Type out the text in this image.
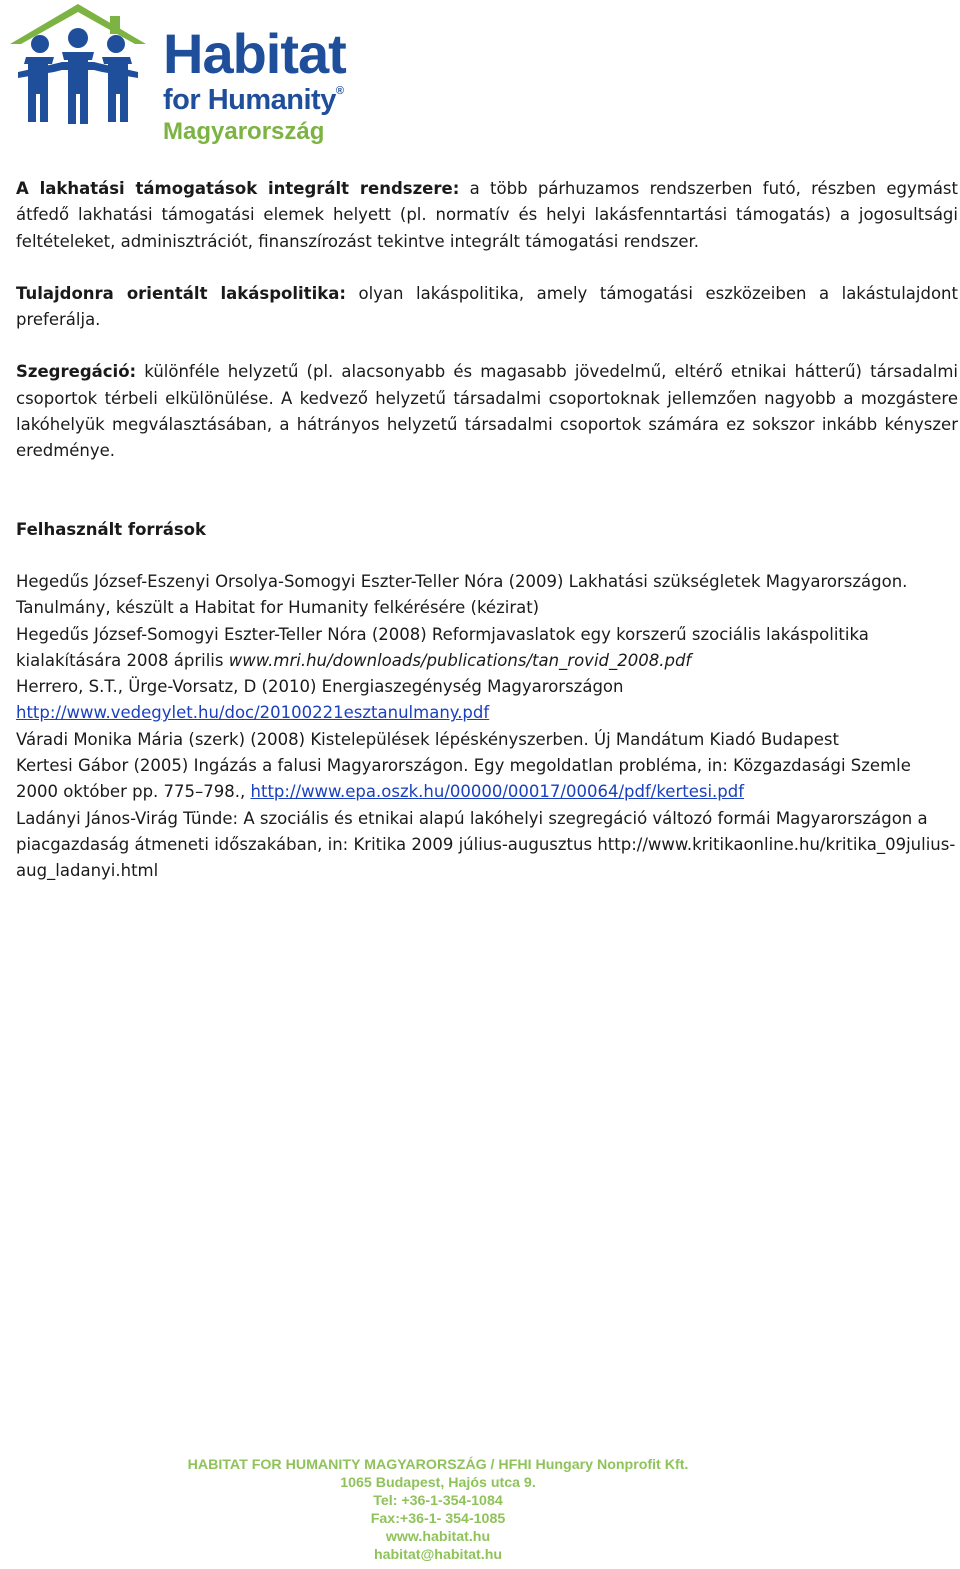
Habitat
for Humanity®
Magyarország

A lakhatási támogatások integrált rendszere: a több párhuzamos rendszerben futó, részben egymást átfedő lakhatási támogatási elemek helyett (pl. normatív és helyi lakásfenntartási támogatás) a jogosultsági feltételeket, adminisztrációt, finanszírozást tekintve integrált támogatási rendszer.

Tulajdonra orientált lakáspolitika: olyan lakáspolitika, amely támogatási eszközeiben a lakástulajdont preferálja.

Szegregáció: különféle helyzetű (pl. alacsonyabb és magasabb jövedelmű, eltérő etnikai hátterű) társadalmi csoportok térbeli elkülönülése. A kedvező helyzetű társadalmi csoportoknak jellemzően nagyobb a mozgástere lakóhelyük megválasztásában, a hátrányos helyzetű társadalmi csoportok számára ez sokszor inkább kényszer eredménye.

Felhasznált források
Hegedűs József-Eszenyi Orsolya-Somogyi Eszter-Teller Nóra (2009) Lakhatási szükségletek Magyarországon. Tanulmány, készült a Habitat for Humanity felkérésére (kézirat)
Hegedűs József-Somogyi Eszter-Teller Nóra (2008) Reformjavaslatok egy korszerű szociális lakáspolitika kialakítására 2008 április www.mri.hu/downloads/publications/tan_rovid_2008.pdf
Herrero, S.T., Ürge-Vorsatz, D (2010) Energiaszegénység Magyarországon
http://www.vedegylet.hu/doc/20100221esztanulmany.pdf
Váradi Monika Mária (szerk) (2008) Kistelepülések lépéskényszerben. Új Mandátum Kiadó Budapest
Kertesi Gábor (2005) Ingázás a falusi Magyarországon. Egy megoldatlan probléma, in: Közgazdasági Szemle 2000 október pp. 775–798., http://www.epa.oszk.hu/00000/00017/00064/pdf/kertesi.pdf
Ladányi János-Virág Tünde: A szociális és etnikai alapú lakóhelyi szegregáció változó formái Magyarországon a piacgazdaság átmeneti időszakában, in: Kritika 2009 július-augusztus http://www.kritikaonline.hu/kritika_09julius-aug_ladanyi.html
HABITAT FOR HUMANITY MAGYARORSZÁG / HFHI Hungary Nonprofit Kft.
1065 Budapest, Hajós utca 9.
Tel: +36-1-354-1084
Fax:+36-1- 354-1085
www.habitat.hu
habitat@habitat.hu
